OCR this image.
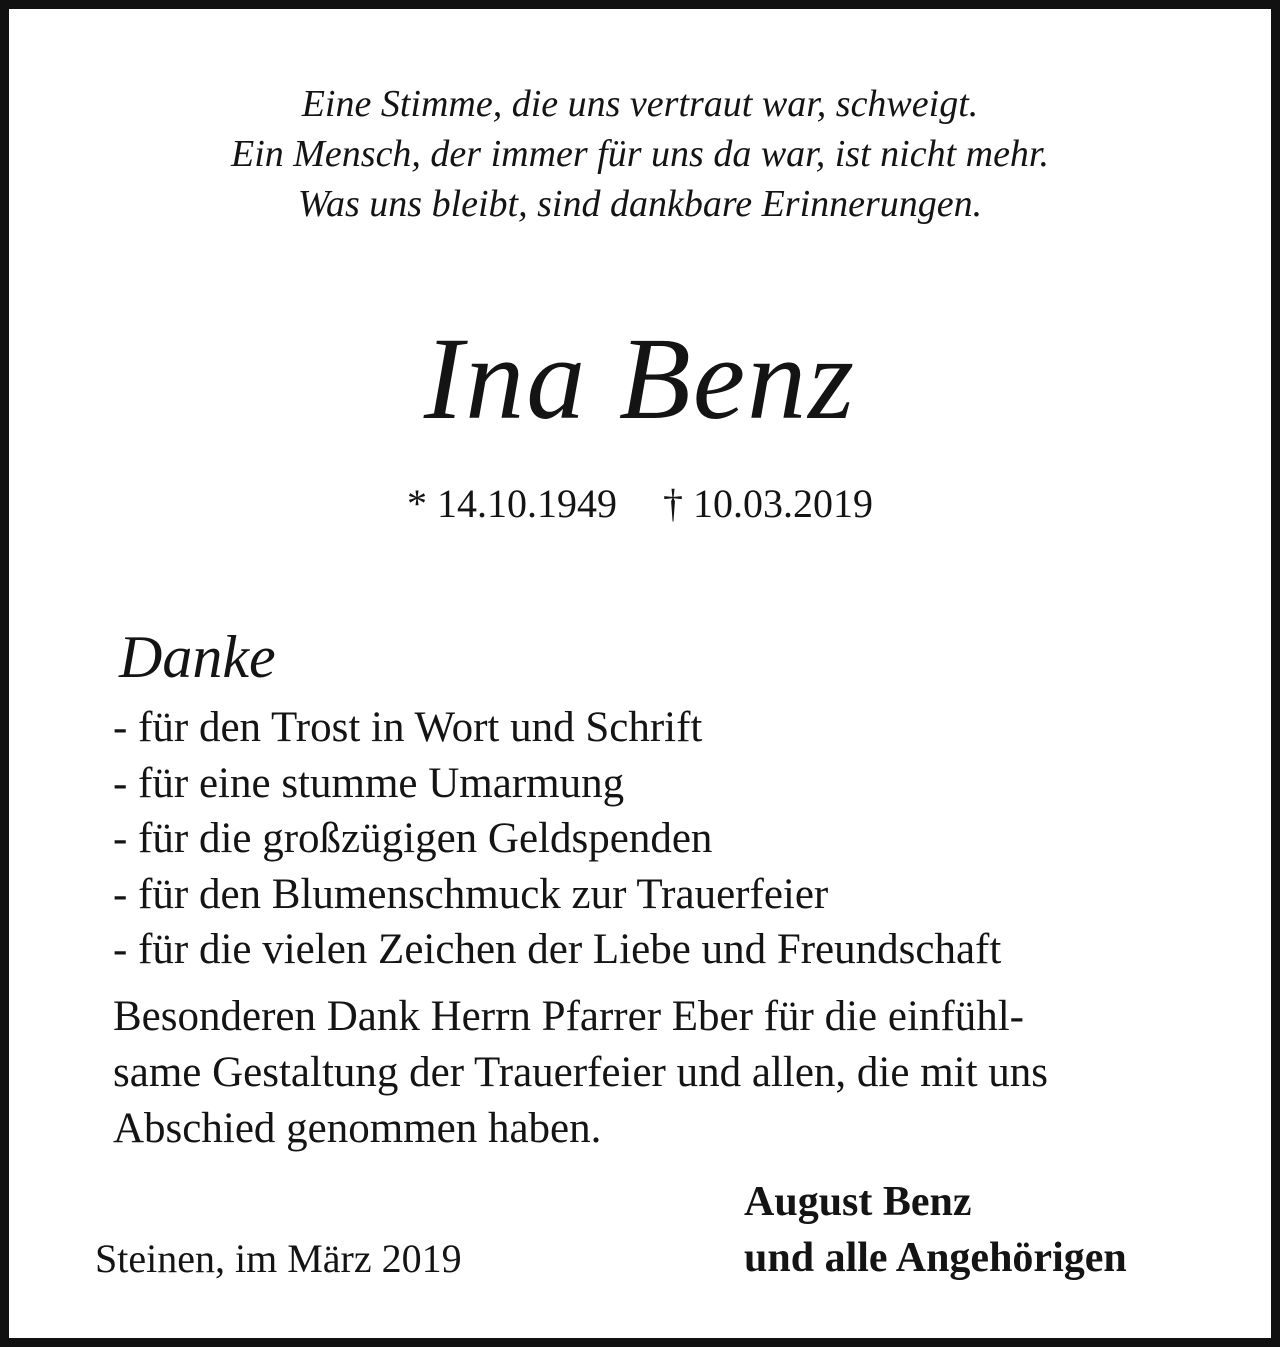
Eine Stimme, die uns vertraut war, schweigt.
Ein Mensch, der immer für uns da war, ist nicht mehr.
Was uns bleibt, sind dankbare Erinnerungen.
Ina Benz
* 14.10.1949 † 10.03.2019
Danke
- für den Trost in Wort und Schrift
- für eine stumme Umarmung
- für die großzügigen Geldspenden
- für den Blumenschmuck zur Trauerfeier
- für die vielen Zeichen der Liebe und Freundschaft
Besonderen Dank Herrn Pfarrer Eber für die einfühl-
same Gestaltung der Trauerfeier und allen, die mit uns
Abschied genommen haben.
Steinen, im März 2019
August Benz
und alle Angehörigen
